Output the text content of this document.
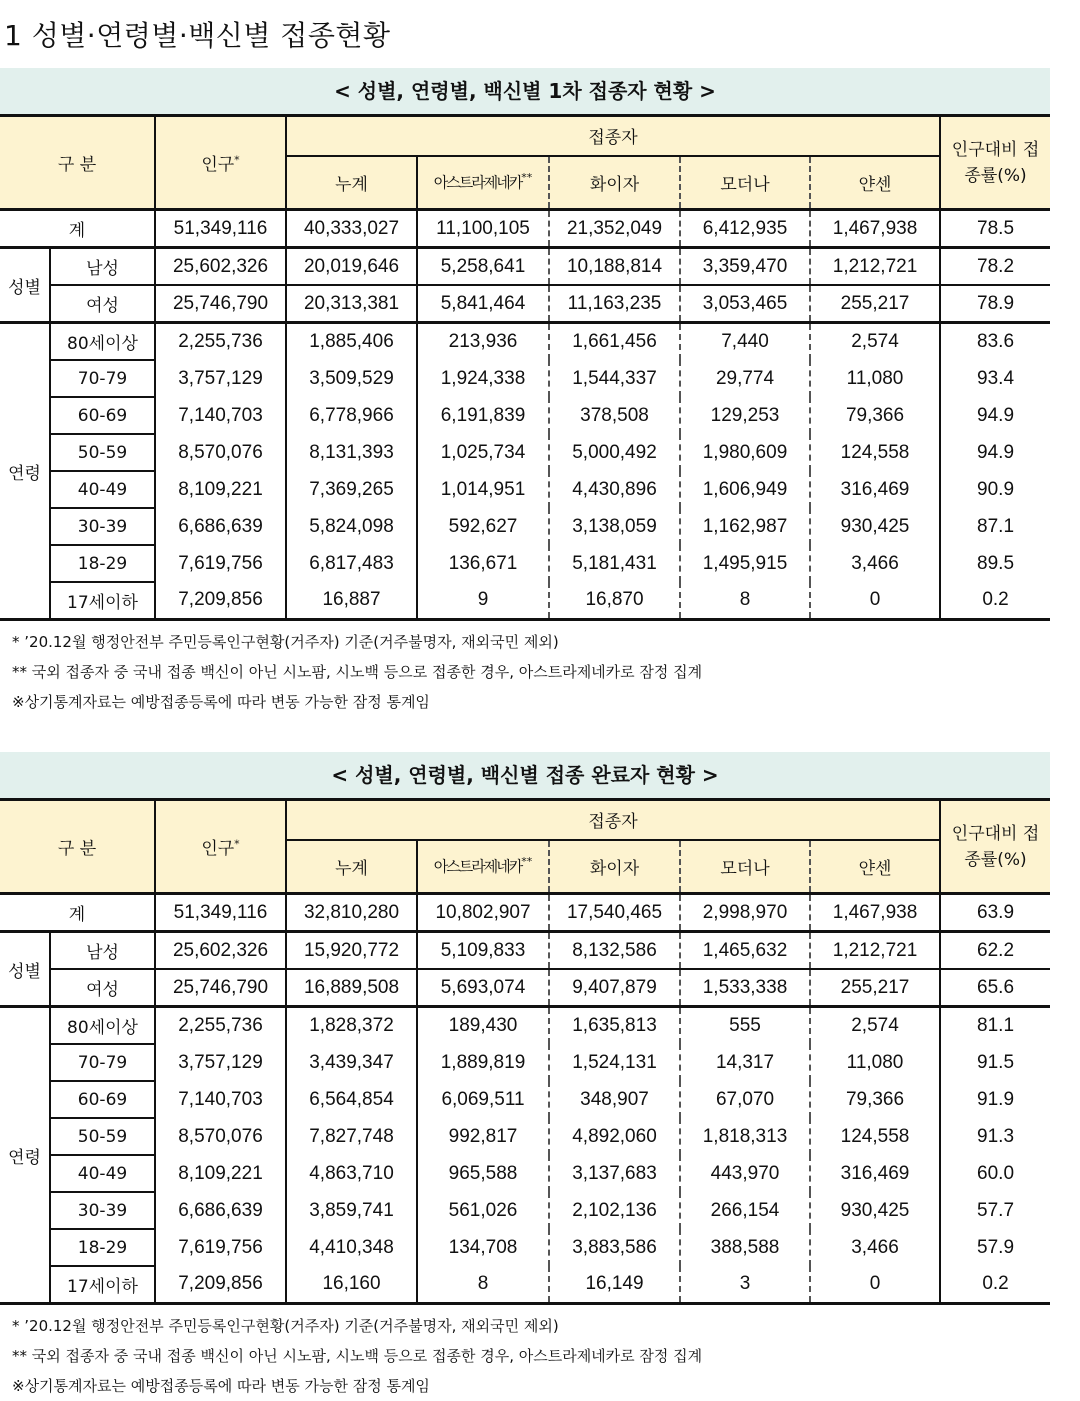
1 성별·연령별·백신별 접종현황
< 성별, 연령별, 백신별 1차 접종자 현황 >
구 분		인구*	접종자					인구대비 접종률(%)
			누계	아스트라제네카**	화이자	모더나	얀센	
계		51,349,116	40,333,027	11,100,105	21,352,049	6,412,935	1,467,938	78.5
성별	남성	25,602,326	20,019,646	5,258,641	10,188,814	3,359,470	1,212,721	78.2
	여성	25,746,790	20,313,381	5,841,464	11,163,235	3,053,465	255,217	78.9
연령	80세이상	2,255,736	1,885,406	213,936	1,661,456	7,440	2,574	83.6
	70-79	3,757,129	3,509,529	1,924,338	1,544,337	29,774	11,080	93.4
	60-69	7,140,703	6,778,966	6,191,839	378,508	129,253	79,366	94.9
	50-59	8,570,076	8,131,393	1,025,734	5,000,492	1,980,609	124,558	94.9
	40-49	8,109,221	7,369,265	1,014,951	4,430,896	1,606,949	316,469	90.9
	30-39	6,686,639	5,824,098	592,627	3,138,059	1,162,987	930,425	87.1
	18-29	7,619,756	6,817,483	136,671	5,181,431	1,495,915	3,466	89.5
	17세이하	7,209,856	16,887	9	16,870	8	0	0.2
* ’20.12월 행정안전부 주민등록인구현황(거주자) 기준(거주불명자, 재외국민 제외)
** 국외 접종자 중 국내 접종 백신이 아닌 시노팜, 시노백 등으로 접종한 경우, 아스트라제네카로 잠정 집계
※상기통계자료는 예방접종등록에 따라 변동 가능한 잠정 통계임
< 성별, 연령별, 백신별 접종 완료자 현황 >
구 분		인구*	접종자					인구대비 접종률(%)
			누계	아스트라제네카**	화이자	모더나	얀센	
계		51,349,116	32,810,280	10,802,907	17,540,465	2,998,970	1,467,938	63.9
성별	남성	25,602,326	15,920,772	5,109,833	8,132,586	1,465,632	1,212,721	62.2
	여성	25,746,790	16,889,508	5,693,074	9,407,879	1,533,338	255,217	65.6
연령	80세이상	2,255,736	1,828,372	189,430	1,635,813	555	2,574	81.1
	70-79	3,757,129	3,439,347	1,889,819	1,524,131	14,317	11,080	91.5
	60-69	7,140,703	6,564,854	6,069,511	348,907	67,070	79,366	91.9
	50-59	8,570,076	7,827,748	992,817	4,892,060	1,818,313	124,558	91.3
	40-49	8,109,221	4,863,710	965,588	3,137,683	443,970	316,469	60.0
	30-39	6,686,639	3,859,741	561,026	2,102,136	266,154	930,425	57.7
	18-29	7,619,756	4,410,348	134,708	3,883,586	388,588	3,466	57.9
	17세이하	7,209,856	16,160	8	16,149	3	0	0.2
* ’20.12월 행정안전부 주민등록인구현황(거주자) 기준(거주불명자, 재외국민 제외)
** 국외 접종자 중 국내 접종 백신이 아닌 시노팜, 시노백 등으로 접종한 경우, 아스트라제네카로 잠정 집계
※상기통계자료는 예방접종등록에 따라 변동 가능한 잠정 통계임
